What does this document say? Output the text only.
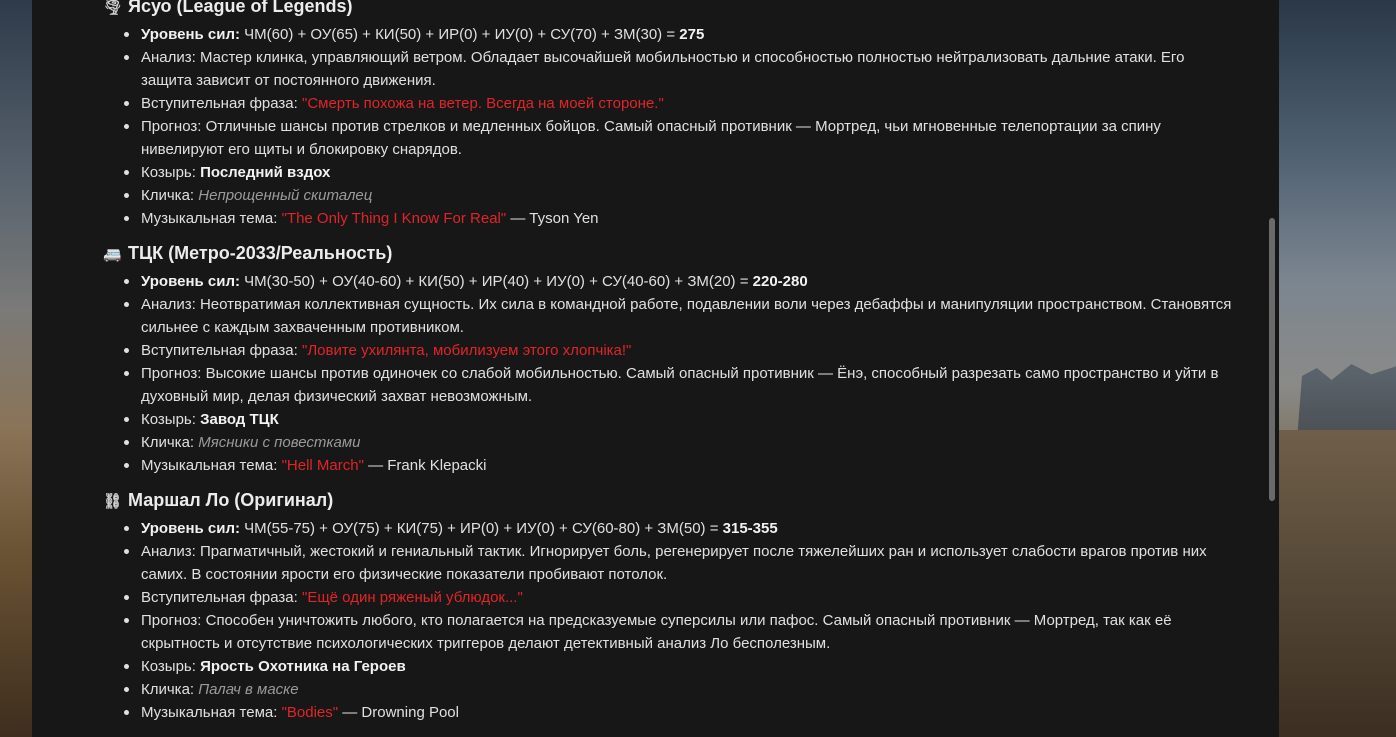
🌪 Ясуо (League of Legends)
Уровень сил: ЧМ(60) + ОУ(65) + КИ(50) + ИР(0) + ИУ(0) + СУ(70) + ЗМ(30) = 275
Анализ: Мастер клинка, управляющий ветром. Обладает высочайшей мобильностью и способностью полностью нейтрализовать дальние атаки. Его защита зависит от постоянного движения.
Вступительная фраза: "Смерть похожа на ветер. Всегда на моей стороне."
Прогноз: Отличные шансы против стрелков и медленных бойцов. Самый опасный противник — Мортред, чьи мгновенные телепортации за спину нивелируют его щиты и блокировку снарядов.
Козырь: Последний вздох
Кличка: Непрощенный скиталец
Музыкальная тема: "The Only Thing I Know For Real" — Tyson Yen
🚐 ТЦК (Метро-2033/Реальность)
Уровень сил: ЧМ(30-50) + ОУ(40-60) + КИ(50) + ИР(40) + ИУ(0) + СУ(40-60) + ЗМ(20) = 220-280
Анализ: Неотвратимая коллективная сущность. Их сила в командной работе, подавлении воли через дебаффы и манипуляции пространством. Становятся сильнее с каждым захваченным противником.
Вступительная фраза: "Ловите ухилянта, мобилизуем этого хлопчіка!"
Прогноз: Высокие шансы против одиночек со слабой мобильностью. Самый опасный противник — Ёнэ, способный разрезать само пространство и уйти в духовный мир, делая физический захват невозможным.
Козырь: Завод ТЦК
Кличка: Мясники с повестками
Музыкальная тема: "Hell March" — Frank Klepacki
⛓ Маршал Ло (Оригинал)
Уровень сил: ЧМ(55-75) + ОУ(75) + КИ(75) + ИР(0) + ИУ(0) + СУ(60-80) + ЗМ(50) = 315-355
Анализ: Прагматичный, жестокий и гениальный тактик. Игнорирует боль, регенерирует после тяжелейших ран и использует слабости врагов против них самих. В состоянии ярости его физические показатели пробивают потолок.
Вступительная фраза: "Ещё один ряженый ублюдок..."
Прогноз: Способен уничтожить любого, кто полагается на предсказуемые суперсилы или пафос. Самый опасный противник — Мортред, так как её скрытность и отсутствие психологических триггеров делают детективный анализ Ло бесполезным.
Козырь: Ярость Охотника на Героев
Кличка: Палач в маске
Музыкальная тема: "Bodies" — Drowning Pool
